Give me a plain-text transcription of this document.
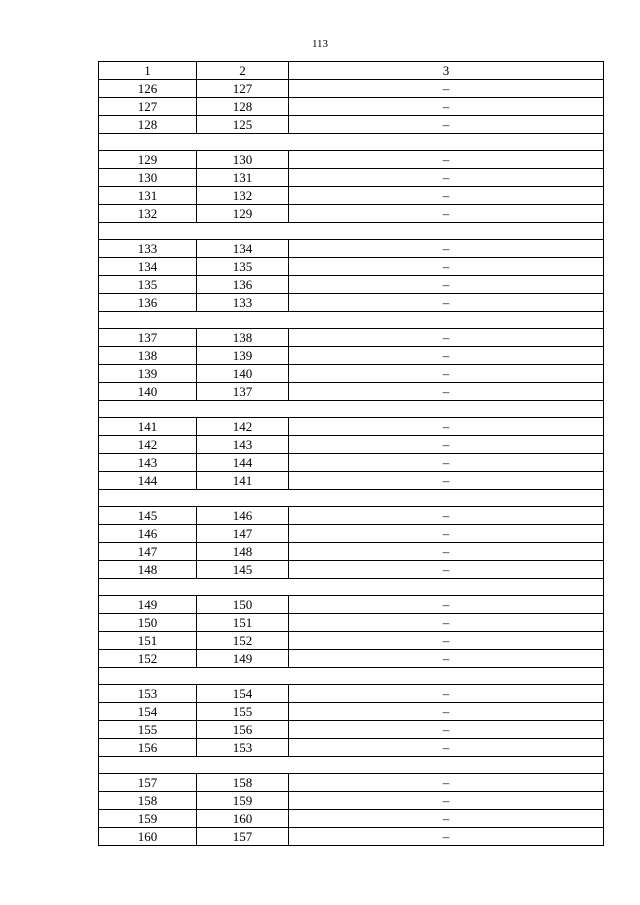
113
1	2	3
126	127	–
127	128	–
128	125	–

129	130	–
130	131	–
131	132	–
132	129	–

133	134	–
134	135	–
135	136	–
136	133	–

137	138	–
138	139	–
139	140	–
140	137	–

141	142	–
142	143	–
143	144	–
144	141	–

145	146	–
146	147	–
147	148	–
148	145	–

149	150	–
150	151	–
151	152	–
152	149	–

153	154	–
154	155	–
155	156	–
156	153	–

157	158	–
158	159	–
159	160	–
160	157	–
